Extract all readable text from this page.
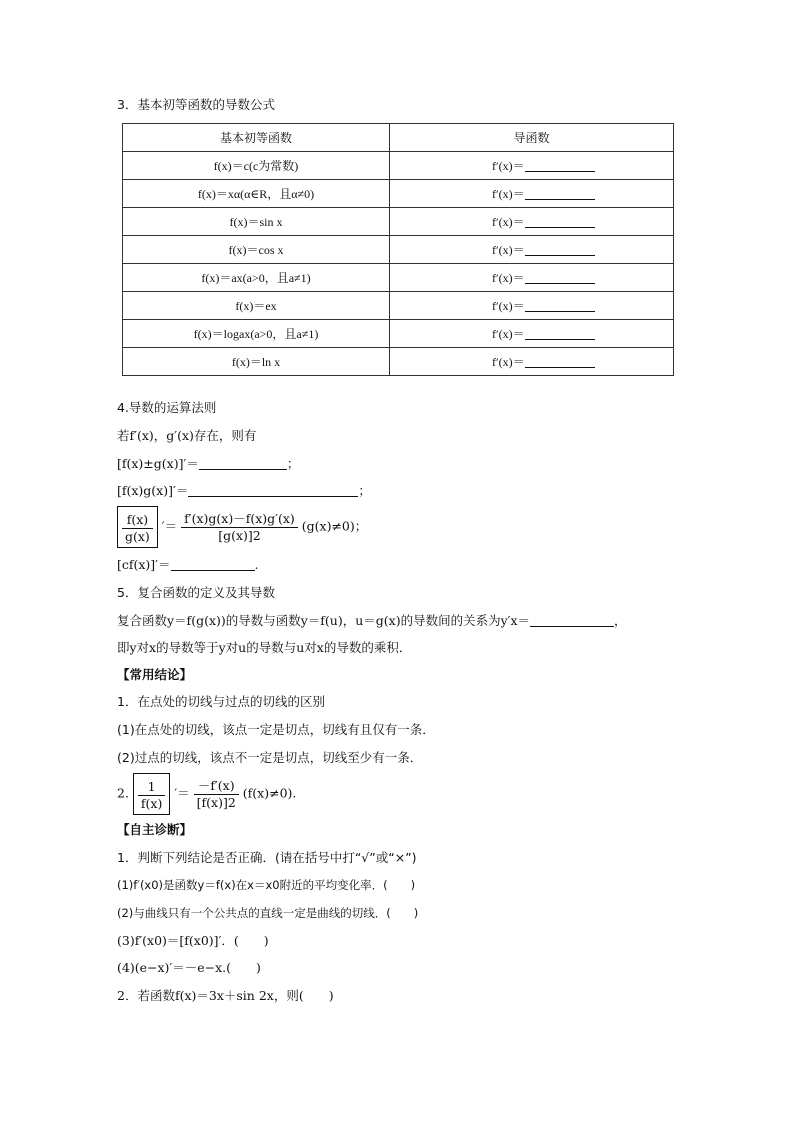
3．基本初等函数的导数公式
基本初等函数	导函数
f(x)＝c(c为常数)	f′(x)＝
f(x)＝xα(α∈R，且α≠0)	f′(x)＝
f(x)＝sin x	f′(x)＝
f(x)＝cos x	f′(x)＝
f(x)＝ax(a>0，且a≠1)	f′(x)＝
f(x)＝ex	f′(x)＝
f(x)＝logax(a>0，且a≠1)	f′(x)＝
f(x)＝ln x	f′(x)＝
4.导数的运算法则
若f′(x)，g′(x)存在，则有
[f(x)±g(x)]′＝	；
[f(x)g(x)]′＝	；
$\frac{f(x)}{g(x)}$ ′＝ $\frac{f'(x)g(x)-f(x)g'(x)}{[g(x)]2} (g(x)\ne 0)$；
[cf(x)]′＝	.
5．复合函数的定义及其导数
复合函数y＝f(g(x))的导数与函数y＝f(u)，u＝g(x)的导数间的关系为y′x＝	，
即y对x的导数等于y对u的导数与u对x的导数的乘积．
【常用结论】
1．在点处的切线与过点的切线的区别
(1)在点处的切线，该点一定是切点，切线有且仅有一条．
(2)过点的切线，该点不一定是切点，切线至少有一条．
2. $\frac{1}{f(x)}$ ′＝ $\frac{-f'(x)}{[f(x)]2} (f(x)\ne 0)$.
【自主诊断】
1．判断下列结论是否正确．(请在括号中打“√”或“×”)
(1)f′(x0)是函数y＝f(x)在x＝x0附近的平均变化率．(　　)
(2)与曲线只有一个公共点的直线一定是曲线的切线．(　　)
(3)f′(x0)＝[f(x0)]′．(　　)
(4)(e−x)′＝－e−x.(　　)
2．若函数f(x)＝3x＋sin 2x，则(　　)
